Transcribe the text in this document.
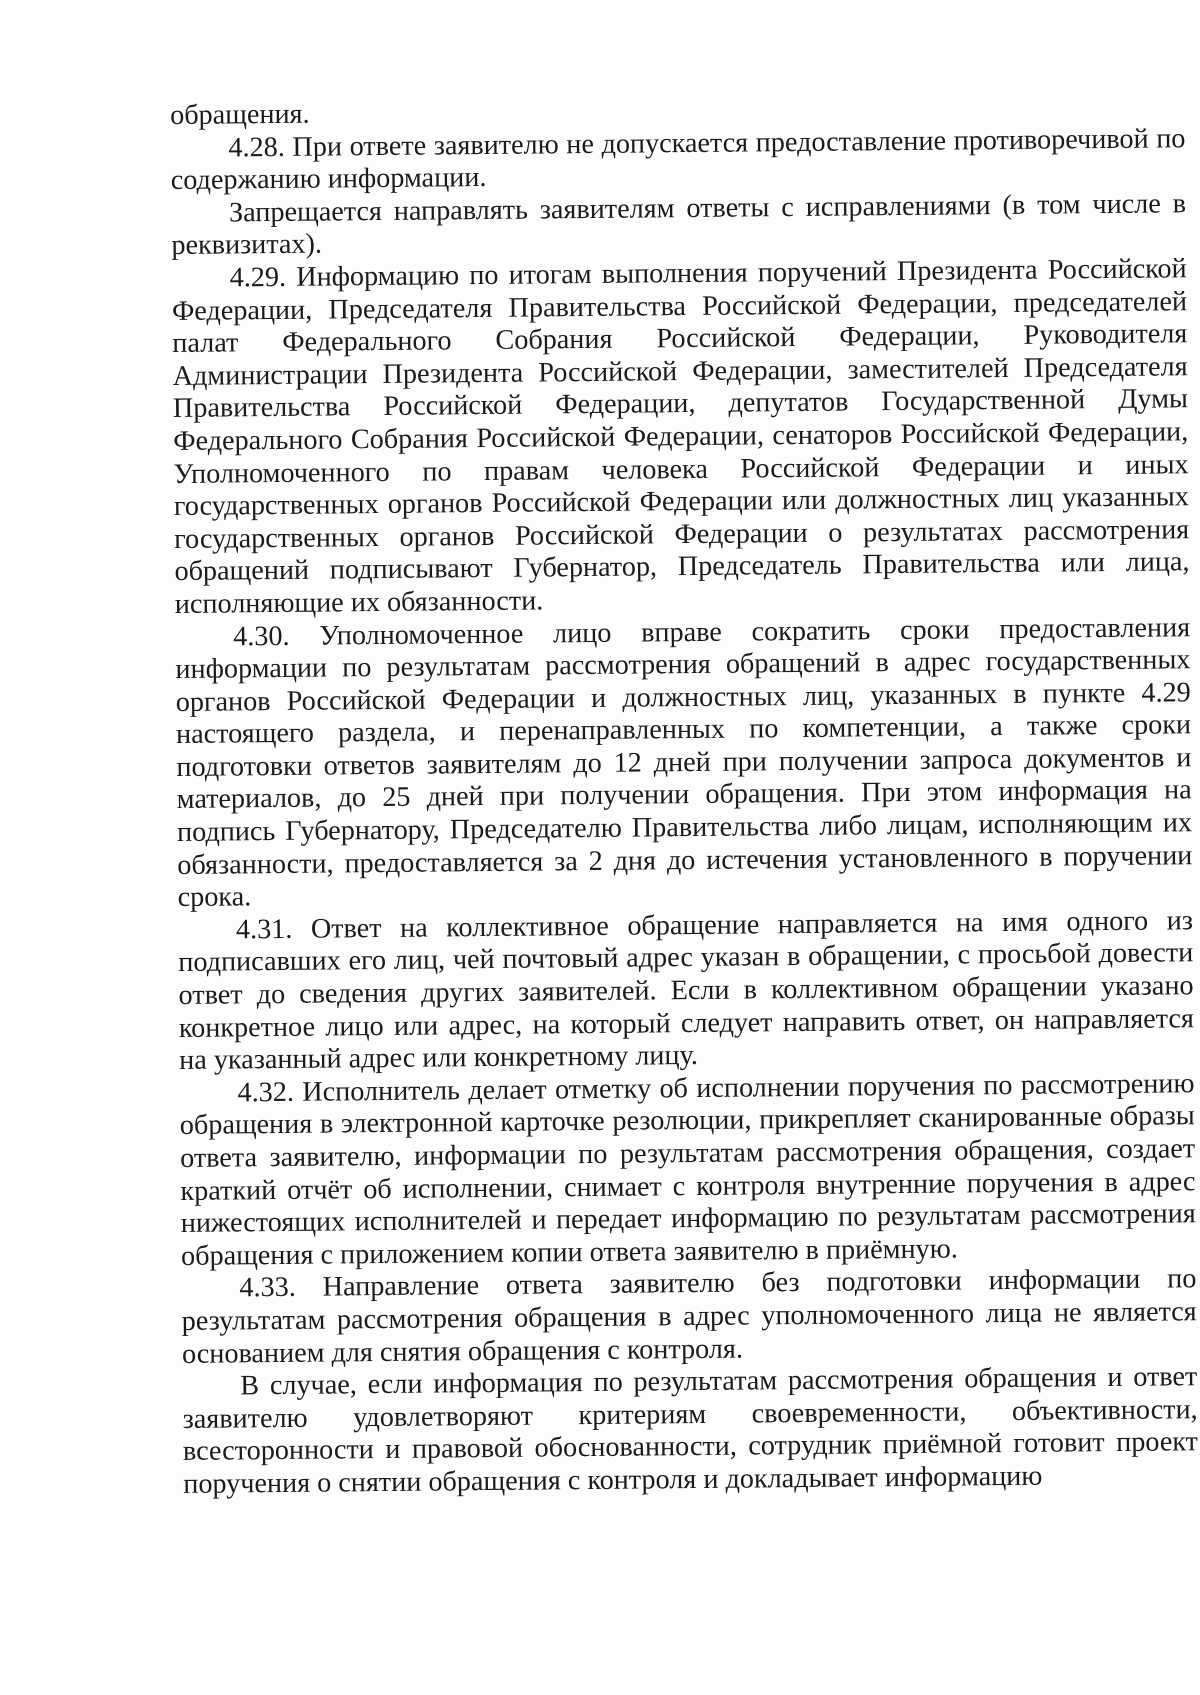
обращения.

4.28. При ответе заявителю не допускается предоставление противоречивой по содержанию информации.

Запрещается направлять заявителям ответы с исправлениями (в том числе в реквизитах).

4.29. Информацию по итогам выполнения поручений Президента Российской Федерации, Председателя Правительства Российской Федерации, председателей палат Федерального Собрания Российской Федерации, Руководителя Администрации Президента Российской Федерации, заместителей Председателя Правительства Российской Федерации, депутатов Государственной Думы Федерального Собрания Российской Федерации, сенаторов Российской Федерации, Уполномоченного по правам человека Российской Федерации и иных государственных органов Российской Федерации или должностных лиц указанных государственных органов Российской Федерации о результатах рассмотрения обращений подписывают Губернатор, Председатель Правительства или лица, исполняющие их обязанности.

4.30. Уполномоченное лицо вправе сократить сроки предоставления информации по результатам рассмотрения обращений в адрес государственных органов Российской Федерации и должностных лиц, указанных в пункте 4.29 настоящего раздела, и перенаправленных по компетенции, а также сроки подготовки ответов заявителям до 12 дней при получении запроса документов и материалов, до 25 дней при получении обращения. При этом информация на подпись Губернатору, Председателю Правительства либо лицам, исполняющим их обязанности, предоставляется за 2 дня до истечения установленного в поручении срока.

4.31. Ответ на коллективное обращение направляется на имя одного из подписавших его лиц, чей почтовый адрес указан в обращении, с просьбой довести ответ до сведения других заявителей. Если в коллективном обращении указано конкретное лицо или адрес, на который следует направить ответ, он направляется на указанный адрес или конкретному лицу.

4.32. Исполнитель делает отметку об исполнении поручения по рассмотрению обращения в электронной карточке резолюции, прикрепляет сканированные образы ответа заявителю, информации по результатам рассмотрения обращения, создает краткий отчёт об исполнении, снимает с контроля внутренние поручения в адрес нижестоящих исполнителей и передает информацию по результатам рассмотрения обращения с приложением копии ответа заявителю в приёмную.

4.33. Направление ответа заявителю без подготовки информации по результатам рассмотрения обращения в адрес уполномоченного лица не является основанием для снятия обращения с контроля.

В случае, если информация по результатам рассмотрения обращения и ответ заявителю удовлетворяют критериям своевременности, объективности, всесторонности и правовой обоснованности, сотрудник приёмной готовит проект поручения о снятии обращения с контроля и докладывает информацию
